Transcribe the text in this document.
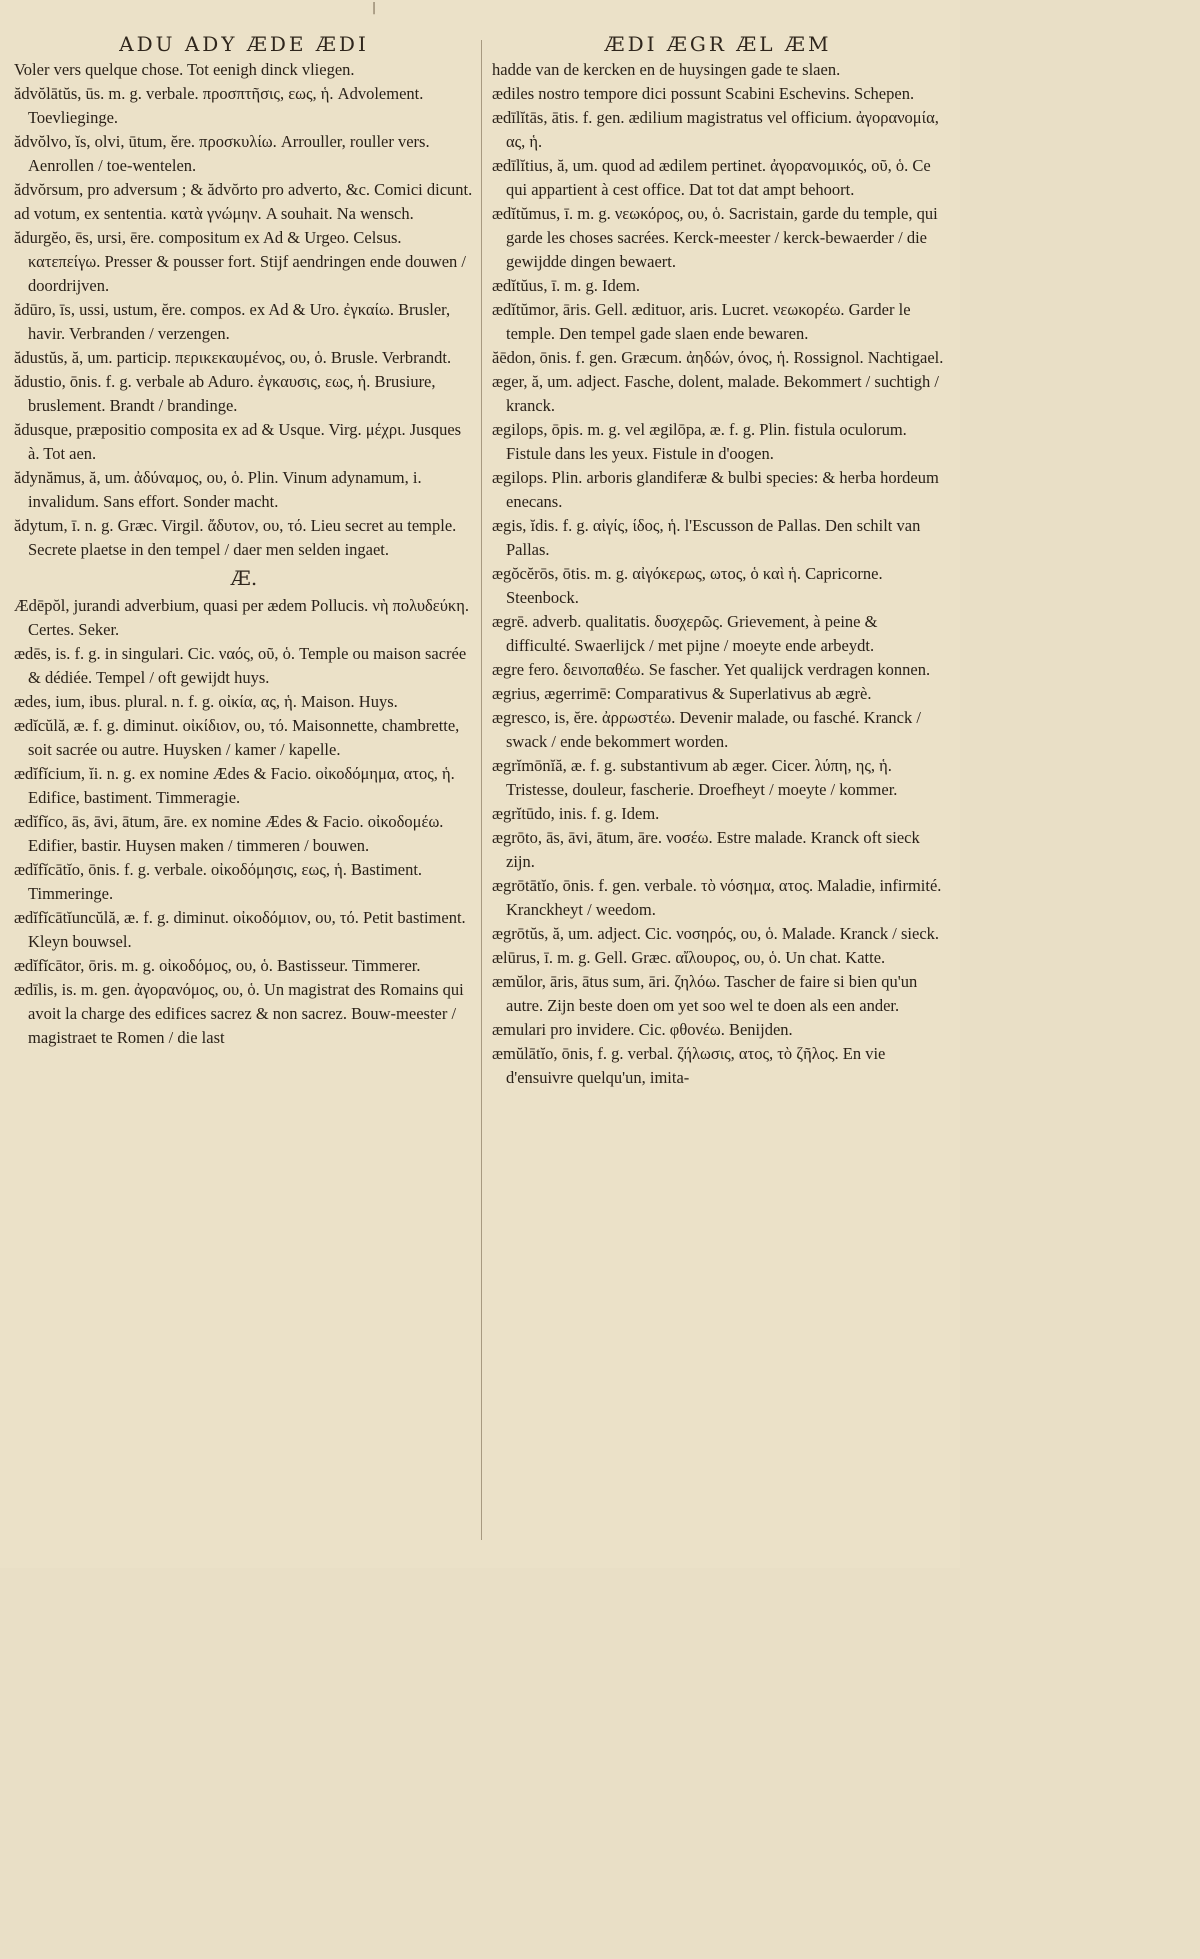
|
ADU ADY ÆDE ÆDI

Voler vers quelque chose. Tot eenigh dinck vliegen.

ădvŏlātŭs, ūs. m. g. verbale. προσπτῆσις, εως, ἡ. Advolement. Toevlieginge.

ădvŏlvo, ĭs, olvi, ūtum, ĕre. προσκυλίω. Arrouller, rouller vers. Aenrollen / toe-wentelen.

ădvŏrsum, pro adversum ; & ădvŏrto pro adverto, &c. Comici dicunt.

ad votum, ex sententia. κατὰ γνώμην. A souhait. Na wensch.

ădurgĕo, ēs, ursi, ēre. compositum ex Ad & Urgeo. Celsus. κατεπείγω. Presser & pousser fort. Stijf aendringen ende douwen / doordrijven.

ădūro, īs, ussi, ustum, ĕre. compos. ex Ad & Uro. ἐγκαίω. Brusler, havir. Verbranden / verzengen.

ădustŭs, ă, um. particip. περικεκαυμένος, ου, ὁ. Brusle. Verbrandt.

ădustio, ōnis. f. g. verbale ab Aduro. ἐγκαυσις, εως, ἡ. Brusiure, bruslement. Brandt / brandinge.

ădusque, præpositio composita ex ad & Usque. Virg. μέχρι. Jusques à. Tot aen.

ădynămus, ă, um. ἀδύναμος, ου, ὁ. Plin. Vinum adynamum, i. invalidum. Sans effort. Sonder macht.

ădytum, ī. n. g. Græc. Virgil. ἄδυτον, ου, τό. Lieu secret au temple. Secrete plaetse in den tempel / daer men selden ingaet.

Æ.

Ædēpŏl, jurandi adverbium, quasi per ædem Pollucis. νὴ πολυδεύκη. Certes. Seker.

ædēs, is. f. g. in singulari. Cic. ναός, οῦ, ὁ. Temple ou maison sacrée & dédiée. Tempel / oft gewijdt huys.

ædes, ium, ibus. plural. n. f. g. οἰκία, ας, ἡ. Maison. Huys.

ædĭcŭlă, æ. f. g. diminut. οἰκίδιον, ου, τό. Maisonnette, chambrette, soit sacrée ou autre. Huysken / kamer / kapelle.

ædĭfĭcium, ĭi. n. g. ex nomine Ædes & Facio. οἰκοδόμημα, ατος, ἡ. Edifice, bastiment. Timmeragie.

ædĭfĭco, ās, āvi, ātum, āre. ex nomine Ædes & Facio. οἰκοδομέω. Edifier, bastir. Huysen maken / timmeren / bouwen.

ædĭfĭcātĭo, ōnis. f. g. verbale. οἰκοδόμησις, εως, ἡ. Bastiment. Timmeringe.

ædĭfĭcātĭuncŭlă, æ. f. g. diminut. οἰκοδόμιον, ου, τό. Petit bastiment. Kleyn bouwsel.

ædĭfĭcātor, ōris. m. g. οἰκοδόμος, ου, ὁ. Bastisseur. Timmerer.

ædīlis, is. m. gen. ἀγορανόμος, ου, ὁ. Un magistrat des Romains qui avoit la charge des edifices sacrez & non sacrez. Bouw-meester / magistraet te Romen / die last

ÆDI ÆGR ÆL ÆM

hadde van de kercken en de huysingen gade te slaen.

ædiles nostro tempore dici possunt Scabini Eschevins. Schepen.

ædīlĭtās, ātis. f. gen. ædilium magistratus vel officium. ἀγορανομία, ας, ἡ.

ædīlĭtius, ă, um. quod ad ædilem pertinet. ἀγορανομικός, οῦ, ὁ. Ce qui appartient à cest office. Dat tot dat ampt behoort.

ædĭtŭmus, ī. m. g. νεωκόρος, ου, ὁ. Sacristain, garde du temple, qui garde les choses sacrées. Kerck-meester / kerck-bewaerder / die gewijdde dingen bewaert.

ædĭtŭus, ī. m. g. Idem.

ædĭtŭmor, āris. Gell. ædituor, aris. Lucret. νεωκορέω. Garder le temple. Den tempel gade slaen ende bewaren.

ăēdon, ōnis. f. gen. Græcum. ἀηδών, όνος, ἡ. Rossignol. Nachtigael.

æger, ă, um. adject. Fasche, dolent, malade. Bekommert / suchtigh / kranck.

ægilops, ōpis. m. g. vel ægilōpa, æ. f. g. Plin. fistula oculorum. Fistule dans les yeux. Fistule in d'oogen.

ægilops. Plin. arboris glandiferæ & bulbi species: & herba hordeum enecans.

ægis, ĭdis. f. g. αἰγίς, ίδος, ἡ. l'Escusson de Pallas. Den schilt van Pallas.

ægŏcĕrōs, ōtis. m. g. αἰγόκερως, ωτος, ὁ καὶ ἡ. Capricorne. Steenbock.

ægrē. adverb. qualitatis. δυσχερῶς. Grievement, à peine & difficulté. Swaerlijck / met pijne / moeyte ende arbeydt.

ægre fero. δεινοπαθέω. Se fascher. Yet qualijck verdragen konnen.

ægrius, ægerrimē: Comparativus & Superlativus ab ægrè.

ægresco, is, ĕre. ἀρρωστέω. Devenir malade, ou fasché. Kranck / swack / ende bekommert worden.

ægrĭmōnĭă, æ. f. g. substantivum ab æger. Cicer. λύπη, ης, ἡ. Tristesse, douleur, fascherie. Droefheyt / moeyte / kommer.

ægrĭtūdo, inis. f. g. Idem.

ægrōto, ās, āvi, ātum, āre. νοσέω. Estre malade. Kranck oft sieck zijn.

ægrōtātĭo, ōnis. f. gen. verbale. τὸ νόσημα, ατος. Maladie, infirmité. Kranckheyt / weedom.

ægrōtŭs, ă, um. adject. Cic. νοσηρός, ου, ὁ. Malade. Kranck / sieck.

ælūrus, ī. m. g. Gell. Græc. αἴλουρος, ου, ὁ. Un chat. Katte.

æmŭlor, āris, ātus sum, āri. ζηλόω. Tascher de faire si bien qu'un autre. Zijn beste doen om yet soo wel te doen als een ander.

æmulari pro invidere. Cic. φθονέω. Benijden.

æmŭlātĭo, ōnis, f. g. verbal. ζήλωσις, ατος, τὸ ζῆλος. En vie d'ensuivre quelqu'un, imita-
